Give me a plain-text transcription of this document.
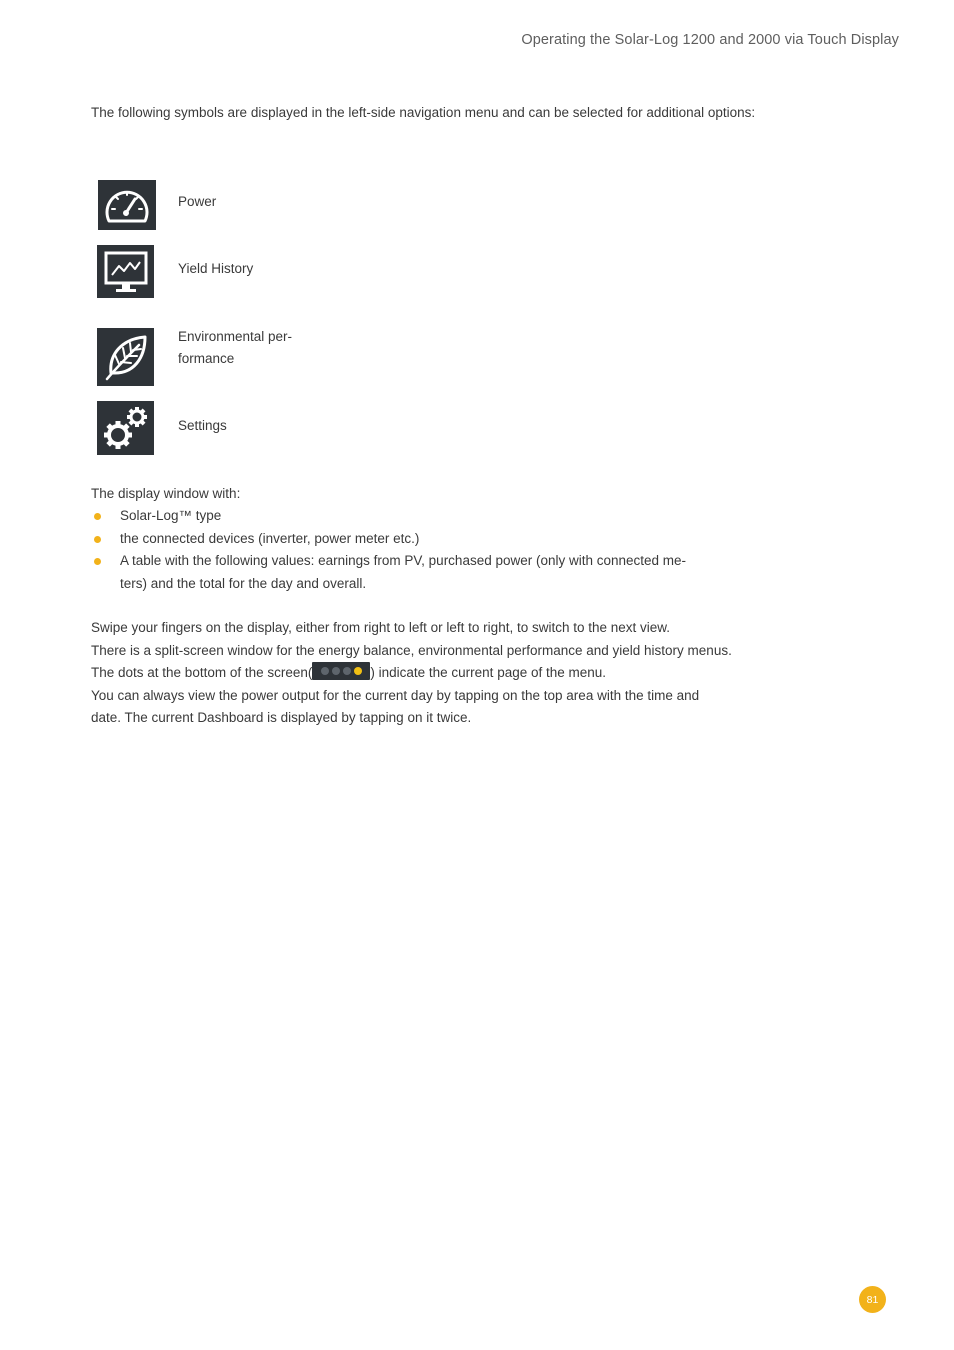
Operating the Solar-Log 1200 and 2000 via Touch Display

The following symbols are displayed in the left-side navigation menu and can be selected for additional options:

Power

Yield History

Environmental per-
formance

Settings

The display window with:

Solar-Log™ type
the connected devices (inverter, power meter etc.)
A table with the following values: earnings from PV, purchased power (only with connected me-
ters) and the total for the day and overall.

Swipe your fingers on the display, either from right to left or left to right, to switch to the next view.

There is a split-screen window for the energy balance, environmental performance and yield history menus.

The dots at the bottom of the screen(	) indicate the current page of the menu.

You can always view the power output for the current day by tapping on the top area with the time and

date. The current Dashboard is displayed by tapping on it twice.

81
